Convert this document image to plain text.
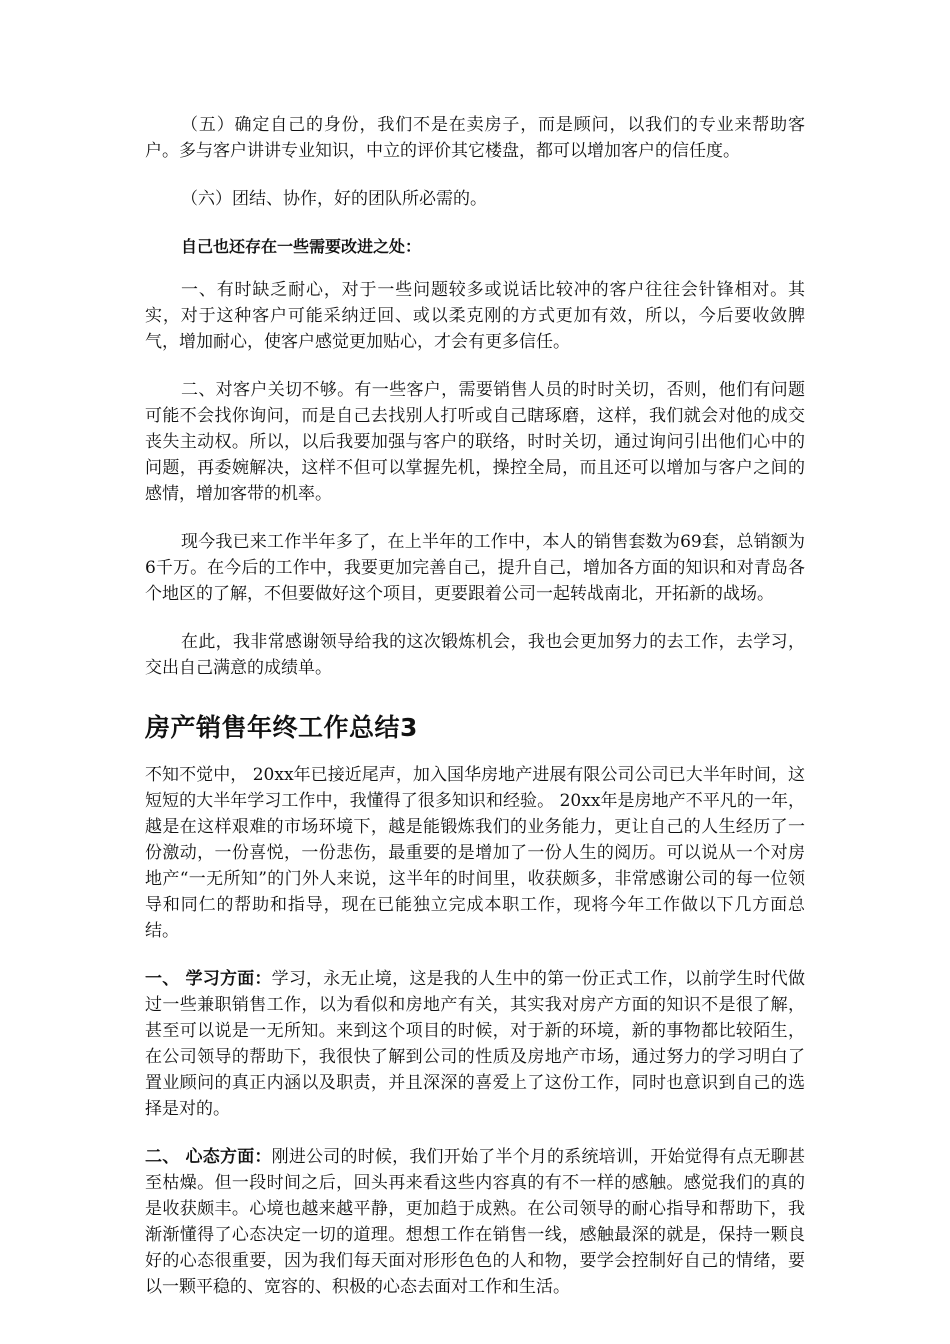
（五）确定自己的身份，我们不是在卖房子，而是顾问，以我们的专业来帮助客户。多与客户讲讲专业知识，中立的评价其它楼盘，都可以增加客户的信任度。

（六）团结、协作，好的团队所必需的。

自己也还存在一些需要改进之处：

一、有时缺乏耐心，对于一些问题较多或说话比较冲的客户往往会针锋相对。其实，对于这种客户可能采纳迂回、或以柔克刚的方式更加有效，所以，今后要收敛脾气，增加耐心，使客户感觉更加贴心，才会有更多信任。

二、对客户关切不够。有一些客户，需要销售人员的时时关切，否则，他们有问题可能不会找你询问，而是自己去找别人打听或自己瞎琢磨，这样，我们就会对他的成交丧失主动权。所以，以后我要加强与客户的联络，时时关切，通过询问引出他们心中的问题，再委婉解决，这样不但可以掌握先机，操控全局，而且还可以增加与客户之间的感情，增加客带的机率。

现今我已来工作半年多了，在上半年的工作中，本人的销售套数为69套，总销额为6千万。在今后的工作中，我要更加完善自己，提升自己，增加各方面的知识和对青岛各个地区的了解，不但要做好这个项目，更要跟着公司一起转战南北，开拓新的战场。

在此，我非常感谢领导给我的这次锻炼机会，我也会更加努力的去工作，去学习，交出自己满意的成绩单。

房产销售年终工作总结3

不知不觉中， 20xx年已接近尾声，加入国华房地产进展有限公司公司已大半年时间，这短短的大半年学习工作中，我懂得了很多知识和经验。 20xx年是房地产不平凡的一年，越是在这样艰难的市场环境下，越是能锻炼我们的业务能力，更让自己的人生经历了一份激动，一份喜悦，一份悲伤，最重要的是增加了一份人生的阅历。可以说从一个对房地产“一无所知”的门外人来说，这半年的时间里，收获颇多，非常感谢公司的每一位领导和同仁的帮助和指导，现在已能独立完成本职工作，现将今年工作做以下几方面总结。

一、 学习方面：学习，永无止境，这是我的人生中的第一份正式工作，以前学生时代做过一些兼职销售工作，以为看似和房地产有关，其实我对房产方面的知识不是很了解，甚至可以说是一无所知。来到这个项目的时候，对于新的环境，新的事物都比较陌生，在公司领导的帮助下，我很快了解到公司的性质及房地产市场，通过努力的学习明白了置业顾问的真正内涵以及职责，并且深深的喜爱上了这份工作，同时也意识到自己的选择是对的。

二、 心态方面：刚进公司的时候，我们开始了半个月的系统培训，开始觉得有点无聊甚至枯燥。但一段时间之后，回头再来看这些内容真的有不一样的感触。感觉我们的真的是收获颇丰。心境也越来越平静，更加趋于成熟。在公司领导的耐心指导和帮助下，我渐渐懂得了心态决定一切的道理。想想工作在销售一线，感触最深的就是，保持一颗良好的心态很重要，因为我们每天面对形形色色的人和物，要学会控制好自己的情绪，要以一颗平稳的、宽容的、积极的心态去面对工作和生活。
